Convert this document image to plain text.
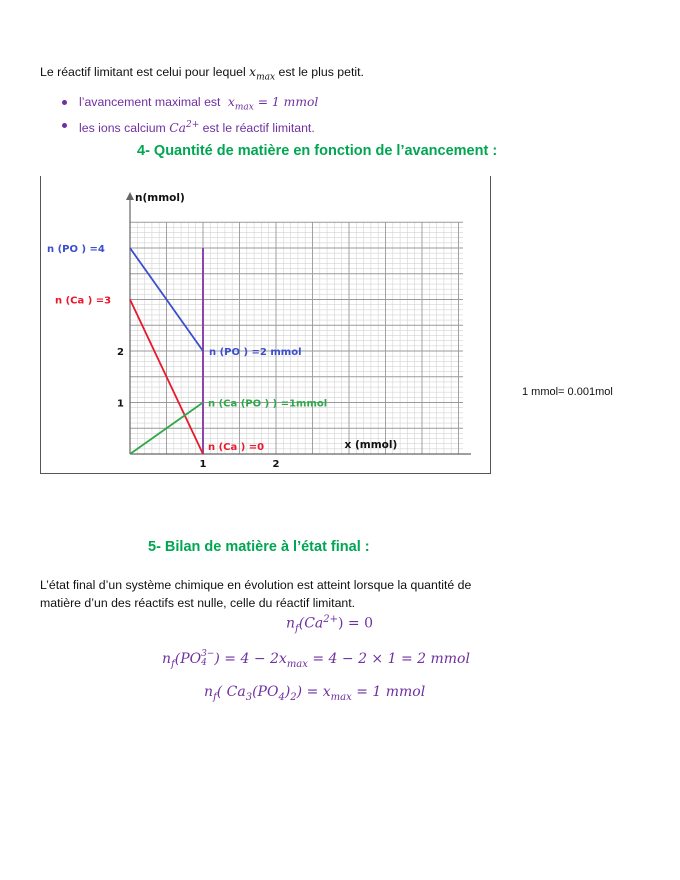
Le réactif limitant est celui pour lequel $x_{max}$ est le plus petit.
l’avancement maximal est $x_{max} = 1$ mmol
les ions calcium $Ca^{2+}$ est le réactif limitant.
4- Quantité de matière en fonction de l’avancement :
1	2
1
2
n(mmol)
x (mmol)
n (PO ) =4
n (Ca ) =3
n (PO ) =2 mmol
n (Ca (PO ) ) =1mmol
n (Ca ) =0
1 mmol= 0.001mol
5- Bilan de matière à l’état final :
L’état final d’un système chimique en évolution est atteint lorsque la quantité de
matière d’un des réactifs est nulle, celle du réactif limitant.
$n_f(Ca^{2+}) = 0$
$n_f(PO$ 3−
4 ) = $4 - 2x_{max} = 4 - 2 \times 1 = 2$ mmol
$n_f$( $Ca_3(PO_4)_2) = x_{max} = 1$ mmol
